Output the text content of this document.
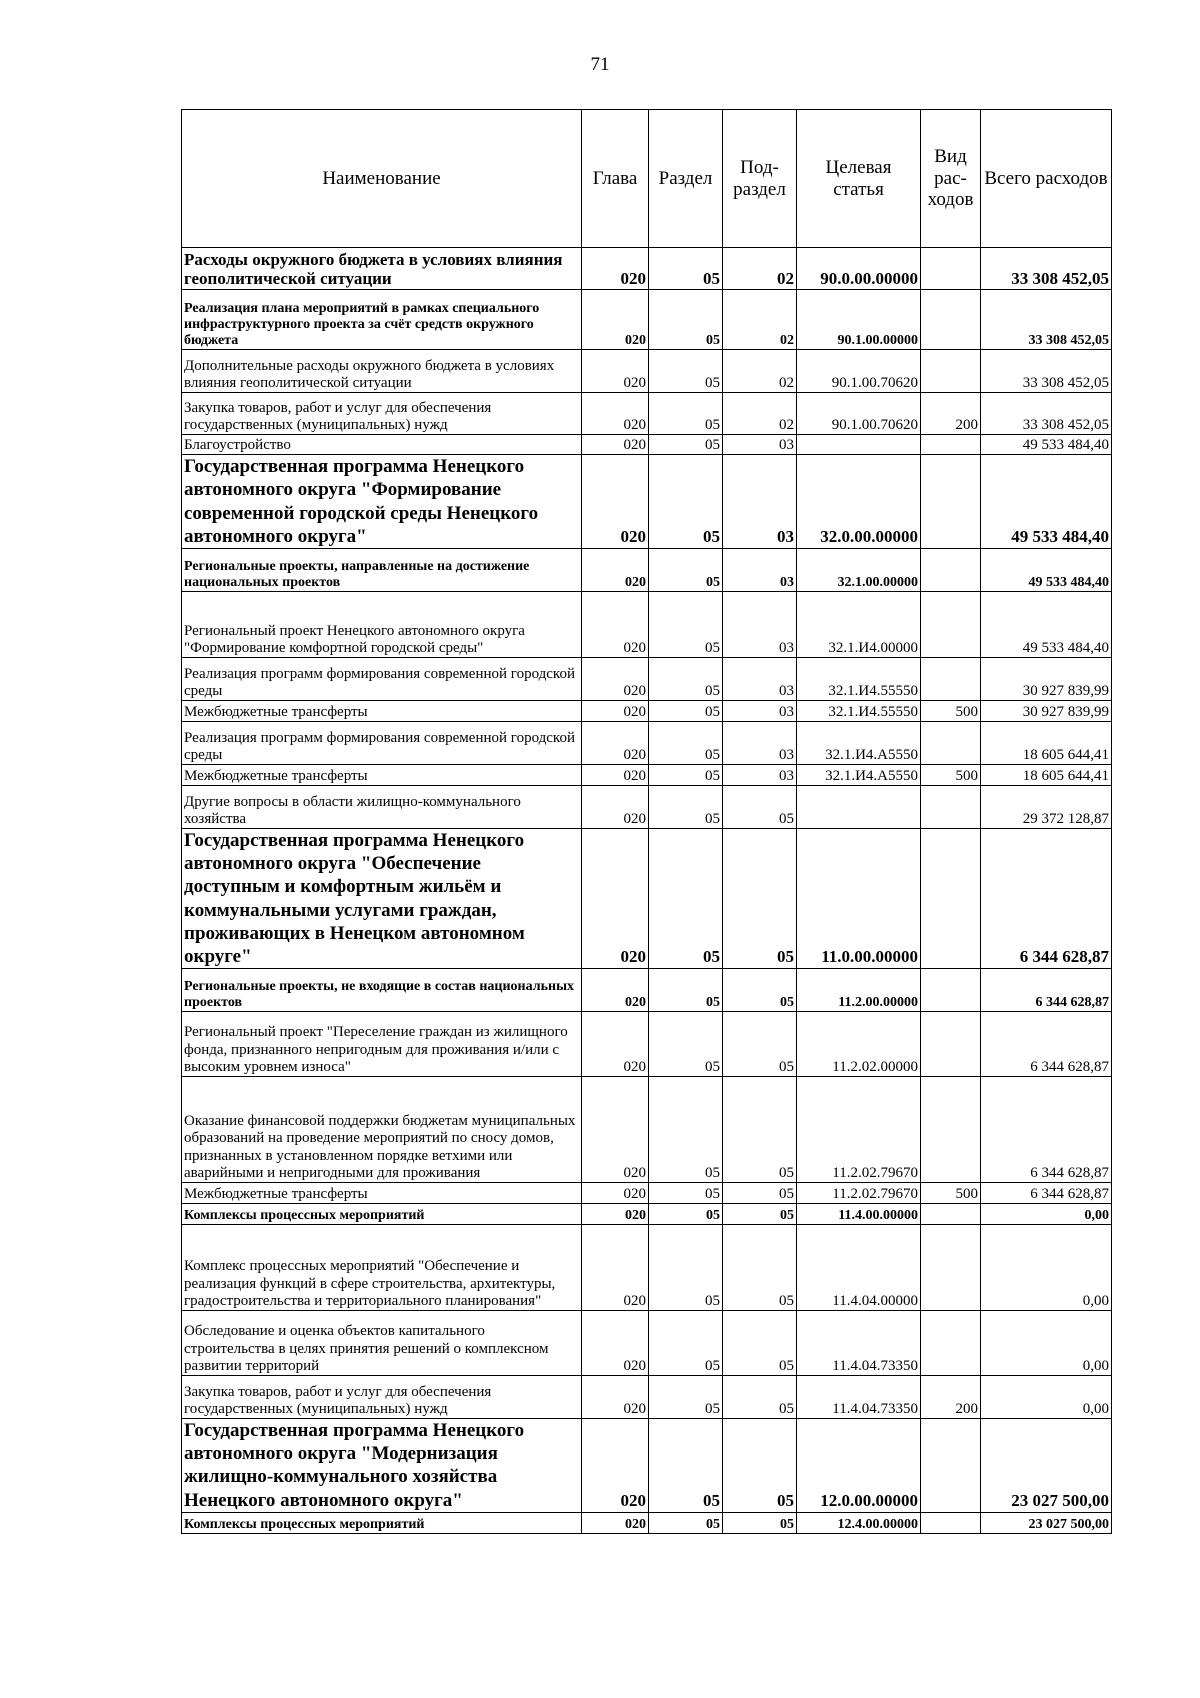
71
Наименование	Глава	Раздел	Под-раздел	Целевая статья	Вид рас-ходов	Всего расходов
Расходы окружного бюджета в условиях влияния геополитической ситуации	020	05	02	90.0.00.00000		33 308 452,05
Реализация плана мероприятий в рамках специального инфраструктурного проекта за счёт средств окружного бюджета	020	05	02	90.1.00.00000		33 308 452,05
Дополнительные расходы окружного бюджета в условиях влияния геополитической ситуации	020	05	02	90.1.00.70620		33 308 452,05
Закупка товаров, работ и услуг для обеспечения государственных (муниципальных) нужд	020	05	02	90.1.00.70620	200	33 308 452,05
Благоустройство	020	05	03			49 533 484,40
Государственная программа Ненецкого автономного округа "Формирование современной городской среды Ненецкого автономного округа"	020	05	03	32.0.00.00000		49 533 484,40
Региональные проекты, направленные на достижение национальных проектов	020	05	03	32.1.00.00000		49 533 484,40
Региональный проект Ненецкого автономного округа "Формирование комфортной городской среды"	020	05	03	32.1.И4.00000		49 533 484,40
Реализация программ формирования современной городской среды	020	05	03	32.1.И4.55550		30 927 839,99
Межбюджетные трансферты	020	05	03	32.1.И4.55550	500	30 927 839,99
Реализация программ формирования современной городской среды	020	05	03	32.1.И4.А5550		18 605 644,41
Межбюджетные трансферты	020	05	03	32.1.И4.А5550	500	18 605 644,41
Другие вопросы в области жилищно-коммунального хозяйства	020	05	05			29 372 128,87
Государственная программа Ненецкого автономного округа "Обеспечение доступным и комфортным жильём и коммунальными услугами граждан, проживающих в Ненецком автономном округе"	020	05	05	11.0.00.00000		6 344 628,87
Региональные проекты, не входящие в состав национальных проектов	020	05	05	11.2.00.00000		6 344 628,87
Региональный проект "Переселение граждан из жилищного фонда, признанного непригодным для проживания и/или с высоким уровнем износа"	020	05	05	11.2.02.00000		6 344 628,87
Оказание финансовой поддержки бюджетам муниципальных образований на проведение мероприятий по сносу домов, признанных в установленном порядке ветхими или аварийными и непригодными для проживания	020	05	05	11.2.02.79670		6 344 628,87
Межбюджетные трансферты	020	05	05	11.2.02.79670	500	6 344 628,87
Комплексы процессных мероприятий	020	05	05	11.4.00.00000		0,00
Комплекс процессных мероприятий "Обеспечение и реализация функций в сфере строительства, архитектуры, градостроительства и территориального планирования"	020	05	05	11.4.04.00000		0,00
Обследование и оценка объектов капитального строительства в целях принятия решений о комплексном развитии территорий	020	05	05	11.4.04.73350		0,00
Закупка товаров, работ и услуг для обеспечения государственных (муниципальных) нужд	020	05	05	11.4.04.73350	200	0,00
Государственная программа Ненецкого автономного округа "Модернизация жилищно-коммунального хозяйства Ненецкого автономного округа"	020	05	05	12.0.00.00000		23 027 500,00
Комплексы процессных мероприятий	020	05	05	12.4.00.00000		23 027 500,00
